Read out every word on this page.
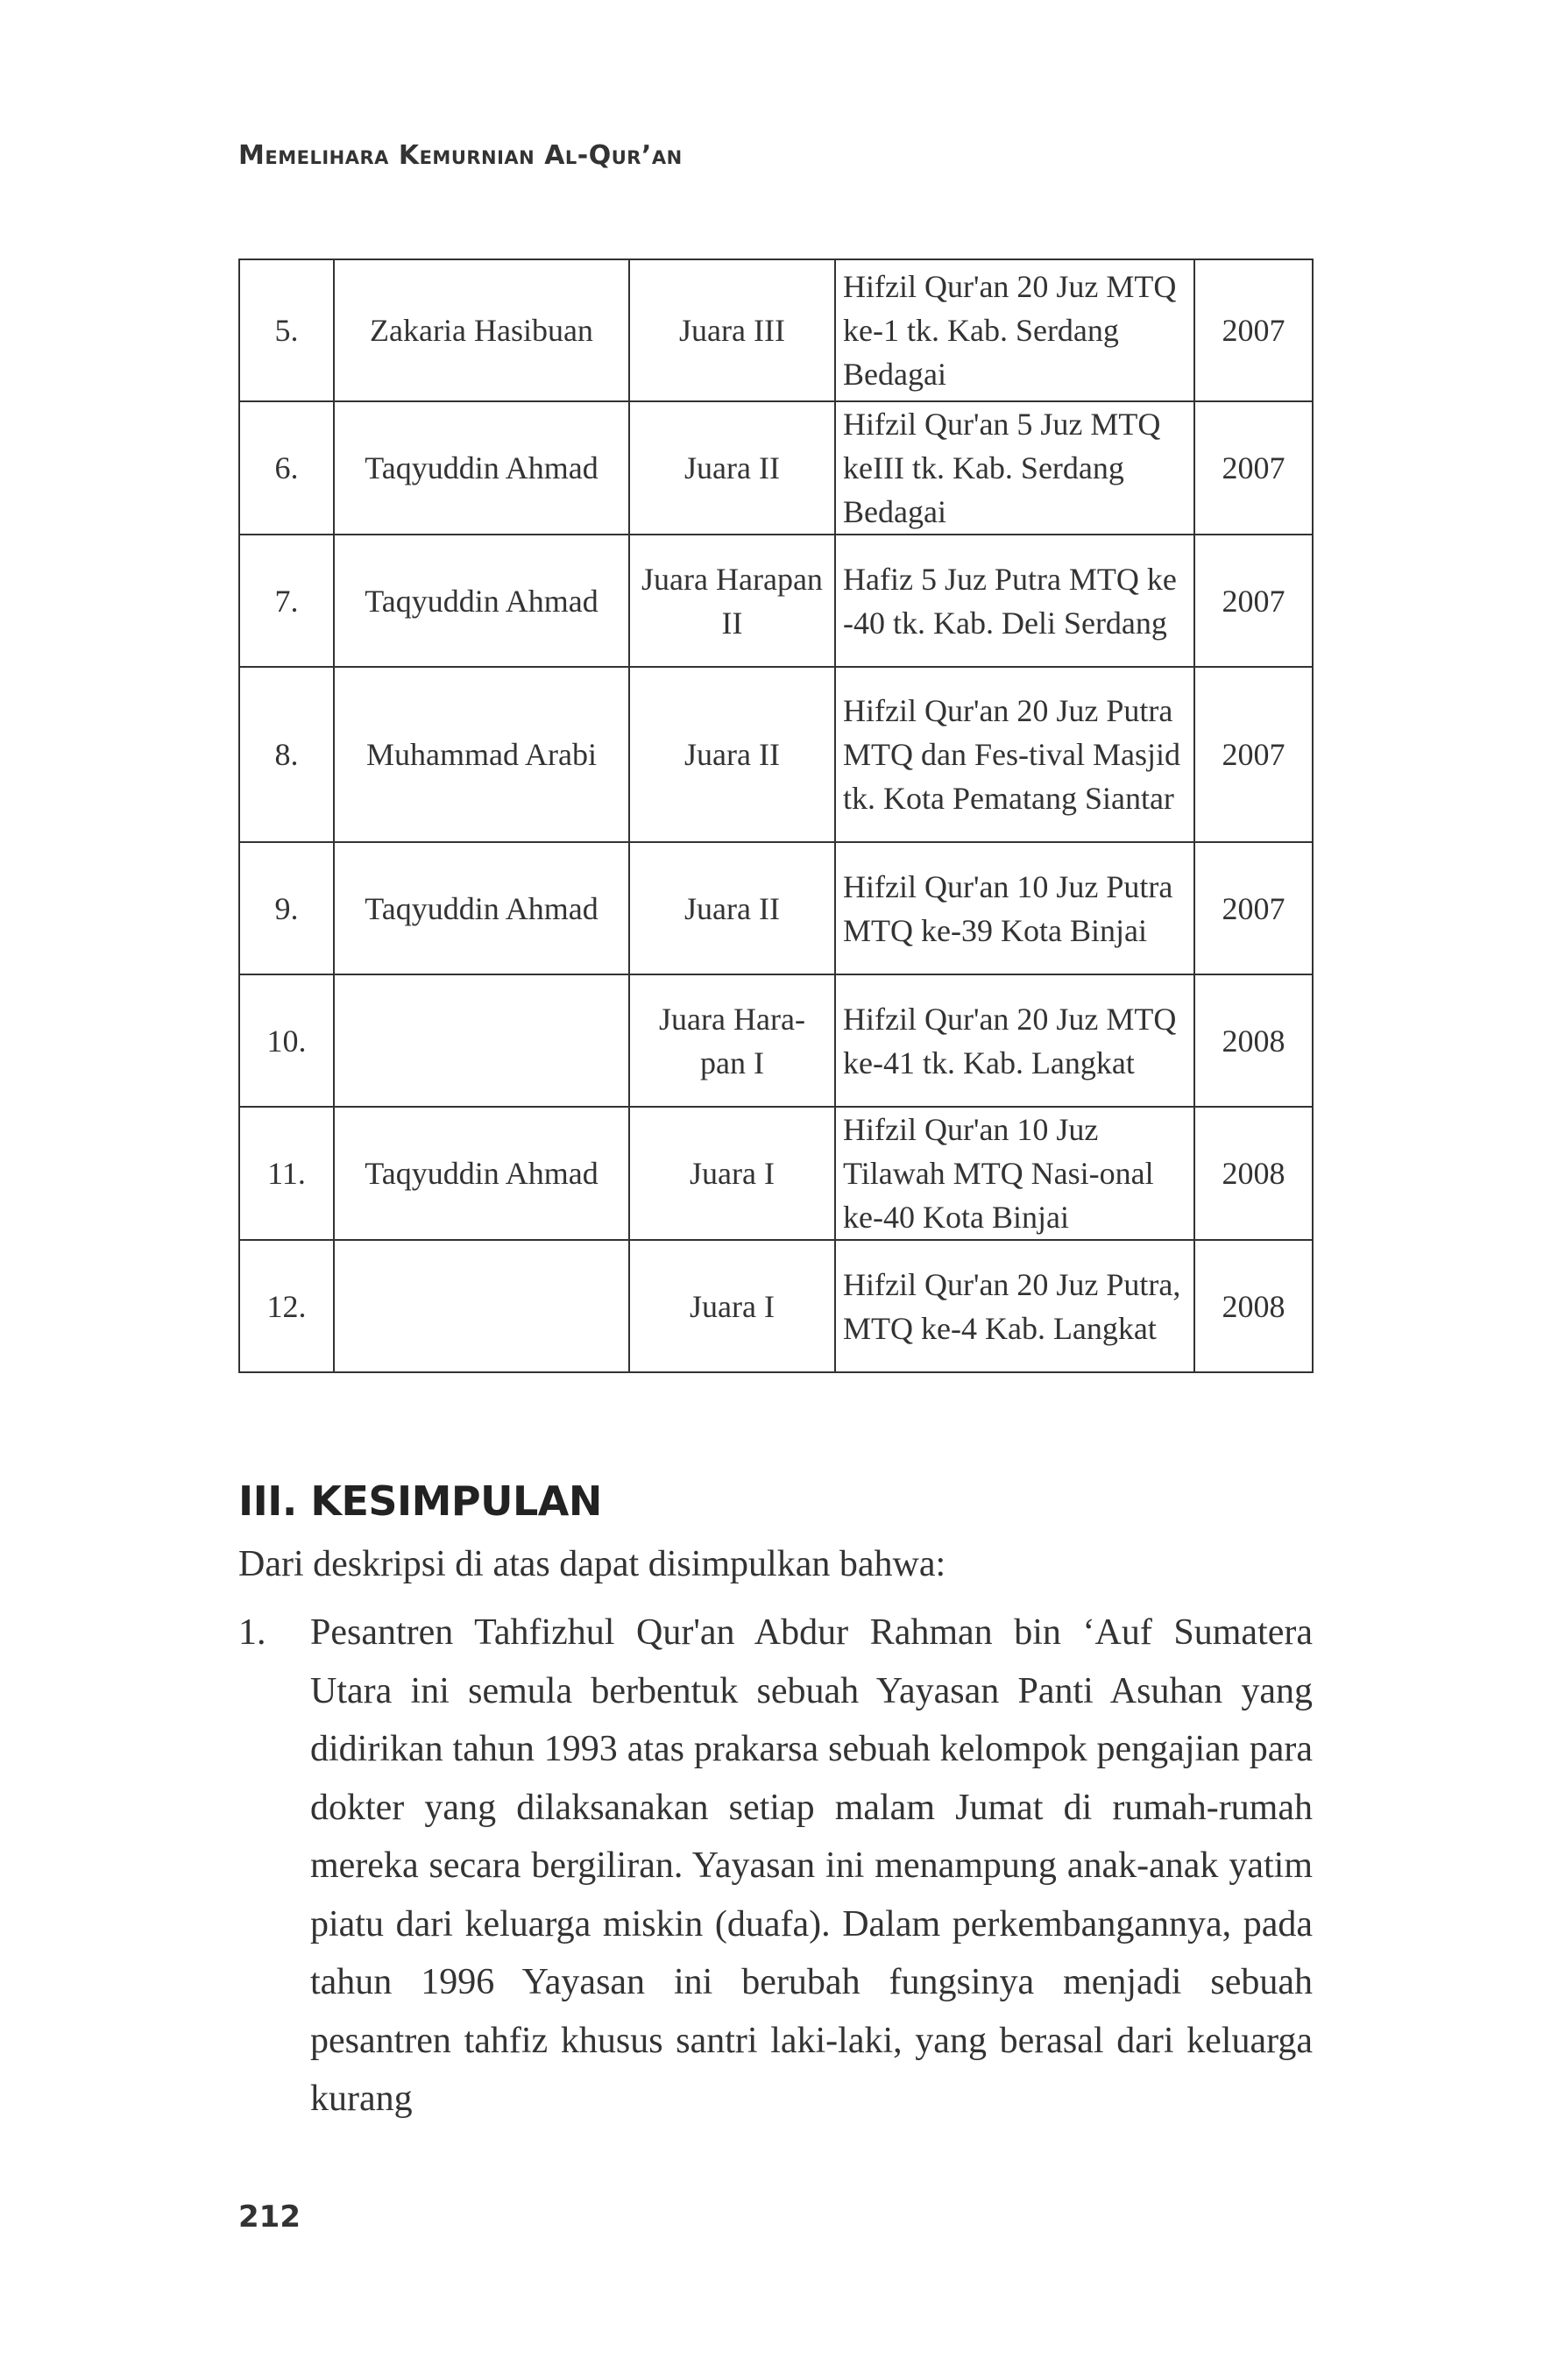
Memelihara Kemurnian Al-Qur’an
5.	Zakaria Hasibuan	Juara III	Hifzil Qur'an 20 Juz MTQ ke-1 tk. Kab. Serdang Bedagai	2007
6.	Taqyuddin Ahmad	Juara II	Hifzil Qur'an 5 Juz MTQ keIII tk. Kab. Serdang Bedagai	2007
7.	Taqyuddin Ahmad	Juara Harapan II	Hafiz 5 Juz Putra MTQ ke -40 tk. Kab. Deli Serdang	2007
8.	Muhammad Arabi	Juara II	Hifzil Qur'an 20 Juz Putra MTQ dan Fes-tival Masjid tk. Kota Pematang Siantar	2007
9.	Taqyuddin Ahmad	Juara II	Hifzil Qur'an 10 Juz Putra MTQ ke-39 Kota Binjai	2007
10.		Juara Hara-pan I	Hifzil Qur'an 20 Juz MTQ ke-41 tk. Kab. Langkat	2008
11.	Taqyuddin Ahmad	Juara I	Hifzil Qur'an 10 Juz Tilawah MTQ Nasi-onal ke-40 Kota Binjai	2008
12.		Juara I	Hifzil Qur'an 20 Juz Putra, MTQ ke-4 Kab. Langkat	2008
III. KESIMPULAN
Dari deskripsi di atas dapat disimpulkan bahwa:
1. Pesantren Tahfizhul Qur'an Abdur Rahman bin ‘Auf Sumatera Utara ini semula berbentuk sebuah Yayasan Panti Asuhan yang didirikan tahun 1993 atas prakarsa sebuah kelompok pengajian para dokter yang dilaksanakan setiap malam Jumat di rumah-rumah mereka secara bergiliran. Yayasan ini menampung anak-anak yatim piatu dari keluarga miskin (duafa). Dalam perkembangannya, pada tahun 1996 Yayasan ini berubah fungsinya menjadi sebuah pesantren tahfiz khusus santri laki-laki, yang berasal dari keluarga kurang
212
